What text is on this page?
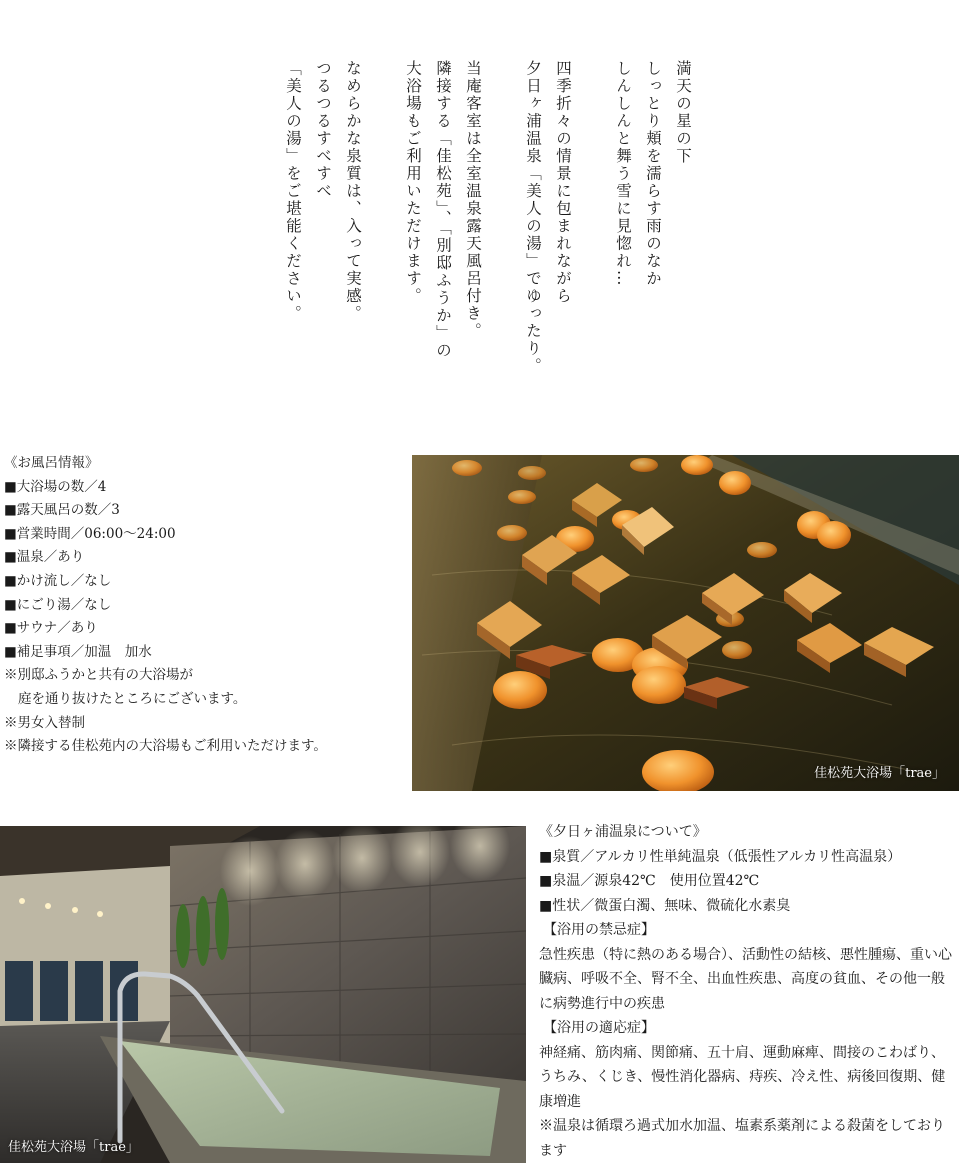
満天の星の下
しっとり頬を濡らす雨のなか
しんしんと舞う雪に見惚れ…
四季折々の情景に包まれながら
夕日ヶ浦温泉「美人の湯」でゆったり。
当庵客室は全室温泉露天風呂付き。
隣接する「佳松苑」、「別邸ふうか」の
大浴場もご利用いただけます。
なめらかな泉質は、入って実感。
つるつるすべすべ
「美人の湯」をご堪能ください。
《お風呂情報》
■大浴場の数／4
■露天風呂の数／3
■営業時間／06:00～24:00
■温泉／あり
■かけ流し／なし
■にごり湯／なし
■サウナ／あり
■補足事項／加温　加水
※別邸ふうかと共有の大浴場が
庭を通り抜けたところにございます。
※男女入替制
※隣接する佳松苑内の大浴場もご利用いただけます。
佳松苑大浴場「trae」
佳松苑大浴場「trae」
《夕日ヶ浦温泉について》
■泉質／アルカリ性単純温泉（低張性アルカリ性高温泉）
■泉温／源泉42℃　使用位置42℃
■性状／微蛋白濁、無味、微硫化水素臭
【浴用の禁忌症】
急性疾患（特に熱のある場合）、活動性の結核、悪性腫瘍、重い心臓病、呼吸不全、腎不全、出血性疾患、高度の貧血、その他一般に病勢進行中の疾患
【浴用の適応症】
神経痛、筋肉痛、関節痛、五十肩、運動麻痺、間接のこわばり、うちみ、くじき、慢性消化器病、痔疾、冷え性、病後回復期、健康増進
※温泉は循環ろ過式加水加温、塩素系薬剤による殺菌をしております
